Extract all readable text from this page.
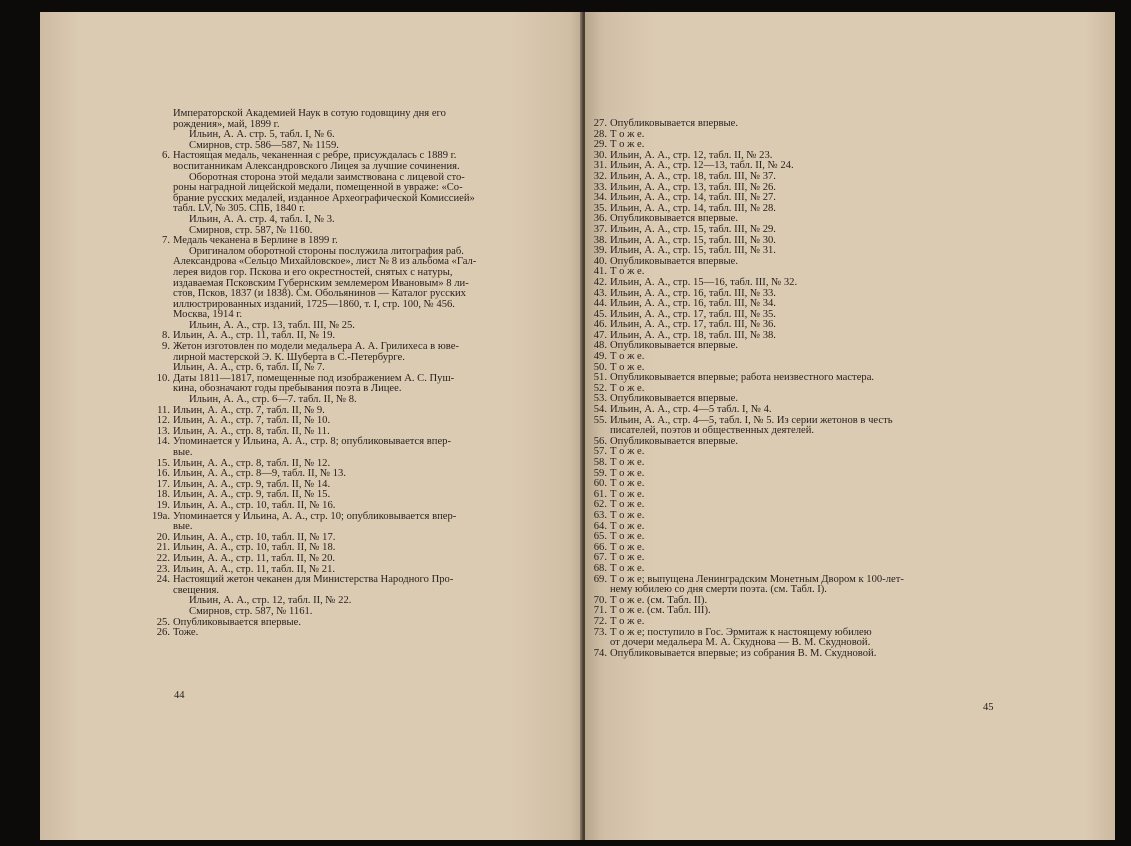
Императорской Академией Наук в сотую годовщину дня его
рождения», май, 1899 г.
Ильин, А. А. стр. 5, табл. I, № 6.
Смирнов, стр. 586—587, № 1159.
6. Настоящая медаль, чеканенная с ребре, присуждалась с 1889 г.
воспитанникам Александровского Лицея за лучшие сочинения.
Оборотная сторона этой медали заимствована с лицевой сто-
роны наградной лицейской медали, помещенной в увраже: «Со-
брание русских медалей, изданное Археографической Комиссией»
табл. LV, № 305. СПБ, 1840 г.
Ильин, А. А. стр. 4, табл. I, № 3.
Смирнов, стр. 587, № 1160.
7. Медаль чеканена в Берлине в 1899 г.
Оригиналом оборотной стороны послужила литография раб.
Александрова «Сельцо Михайловское», лист № 8 из альбома «Гал-
лерея видов гор. Пскова и его окрестностей, снятых с натуры,
издаваемая Псковским Губернским землемером Ивановым» 8 ли-
стов, Псков, 1837 (и 1838). См. Обольянинов — Каталог русских
иллюстрированных изданий, 1725—1860, т. I, стр. 100, № 456.
Москва, 1914 г.
Ильин, А. А., стр. 13, табл. III, № 25.
8. Ильин, А. А., стр. 11, табл. II, № 19.
9. Жетон изготовлен по модели медальера А. А. Грилихеса в юве-
лирной мастерской Э. К. Шуберта в С.-Петербурге.
Ильин, А. А., стр. 6, табл. II, № 7.
10. Даты 1811—1817, помещенные под изображением А. С. Пуш-
кина, обозначают годы пребывания поэта в Лицее.
Ильин, А. А., стр. 6—7. табл. II, № 8.
11. Ильин, А. А., стр. 7, табл. II, № 9.
12. Ильин, А. А., стр. 7, табл. II, № 10.
13. Ильин, А. А., стр. 8, табл. II, № 11.
14. Упоминается у Ильина, А. А., стр. 8; опубликовывается впер-
вые.
15. Ильин, А. А., стр. 8, табл. II, № 12.
16. Ильин, А. А., стр. 8—9, табл. II, № 13.
17. Ильин, А. А., стр. 9, табл. II, № 14.
18. Ильин, А. А., стр. 9, табл. II, № 15.
19. Ильин, А. А., стр. 10, табл. II, № 16.
19а. Упоминается у Ильина, А. А., стр. 10; опубликовывается впер-
вые.
20. Ильин, А. А., стр. 10, табл. II, № 17.
21. Ильин, А. А., стр. 10, табл. II, № 18.
22. Ильин, А. А., стр. 11, табл. II, № 20.
23. Ильин, А. А., стр. 11, табл. II, № 21.
24. Настоящий жетон чеканен для Министерства Народного Про-
свещения.
Ильин, А. А., стр. 12, табл. II, № 22.
Смирнов, стр. 587, № 1161.
25. Опубликовывается впервые.
26. Тоже.
44
27. Опубликовывается впервые.
28. Т о ж е.
29. Т о ж е.
30. Ильин, А. А., стр. 12, табл. II, № 23.
31. Ильин, А. А., стр. 12—13, табл. II, № 24.
32. Ильин, А. А., стр. 18, табл. III, № 37.
33. Ильин, А. А., стр. 13, табл. III, № 26.
34. Ильин, А. А., стр. 14, табл. III, № 27.
35. Ильин, А. А., стр. 14, табл. III, № 28.
36. Опубликовывается впервые.
37. Ильин, А. А., стр. 15, табл. III, № 29.
38. Ильин, А. А., стр. 15, табл. III, № 30.
39. Ильин, А. А., стр. 15, табл. III, № 31.
40. Опубликовывается впервые.
41. Т о ж е.
42. Ильин, А. А., стр. 15—16, табл. III, № 32.
43. Ильин, А. А., стр. 16, табл. III, № 33.
44. Ильин, А. А., стр. 16, табл. III, № 34.
45. Ильин, А. А., стр. 17, табл. III, № 35.
46. Ильин, А. А., стр. 17, табл. III, № 36.
47. Ильин, А. А., стр. 18, табл. III, № 38.
48. Опубликовывается впервые.
49. Т о ж е.
50. Т о ж е.
51. Опубликовывается впервые; работа неизвестного мастера.
52. Т о ж е.
53. Опубликовывается впервые.
54. Ильин, А. А., стр. 4—5 табл. I, № 4.
55. Ильин, А. А., стр. 4—5, табл. I, № 5. Из серии жетонов в честь
писателей, поэтов и общественных деятелей.
56. Опубликовывается впервые.
57. Т о ж е.
58. Т о ж е.
59. Т о ж е.
60. Т о ж е.
61. Т о ж е.
62. Т о ж е.
63. Т о ж е.
64. Т о ж е.
65. Т о ж е.
66. Т о ж е.
67. Т о ж е.
68. Т о ж е.
69. Т о ж е; выпущена Ленинградским Монетным Двором к 100-лет-
нему юбилею со дня смерти поэта. (см. Табл. I).
70. Т о ж е. (см. Табл. II).
71. Т о ж е. (см. Табл. III).
72. Т о ж е.
73. Т о ж е; поступило в Гос. Эрмитаж к настоящему юбилею
от дочери медальера М. А. Скуднова — В. М. Скудновой.
74. Опубликовывается впервые; из собрания В. М. Скудновой.
45
